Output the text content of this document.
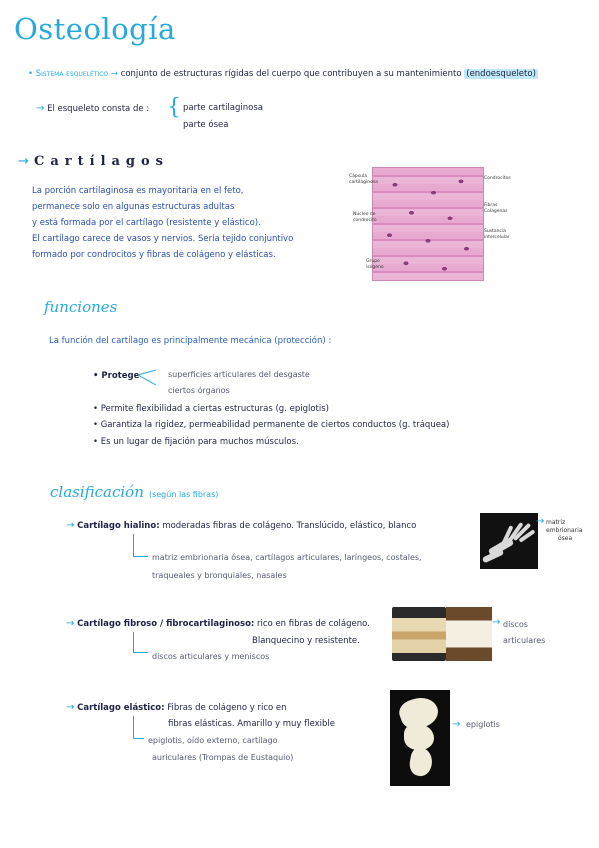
Osteología
• Sistema esquelético → conjunto de estructuras rígidas del cuerpo que contribuyen a su mantenimiento (endoesqueleto)
→ El esqueleto consta de : { parte cartilaginosa
parte ósea
→ Cartílagos
La porción cartilaginosa es mayoritaria en el feto,
permanece solo en algunas estructuras adultas
y está formada por el cartílago (resistente y elástico).
El cartílago carece de vasos y nervios. Sería tejido conjuntivo
formado por condrocitos y fibras de colágeno y elásticas.
Cápsula
cartilaginosa
Núcleo de
condrocito
Grupo
isógeno
Condrocitos
Fibras
Colágenas
Sustancia
intercelular
funciones
La función del cartílago es principalmente mecánica (protección) :
• Protege	superficies articulares del desgaste
ciertos órganos
• Permite flexibilidad a ciertas estructuras (g. epiglotis)
• Garantiza la rigidez, permeabilidad permanente de ciertos conductos (g. tráquea)
• Es un lugar de fijación para muchos músculos.
clasificación (según las fibras)
→ Cartílago hialino: moderadas fibras de colágeno. Translúcido, elástico, blanco
matriz embrionaria ósea, cartílagos articulares, laríngeos, costales,
traqueales y bronquiales, nasales
→ matriz
embrionaria
ósea
→ Cartílago fibroso / fibrocartilaginoso: rico en fibras de colágeno.
Blanquecino y resistente.
discos articulares y meniscos
→ discos
articulares
→ Cartílago elástico: Fibras de colágeno y rico en
fibras elásticas. Amarillo y muy flexible
epiglotis, oído externo, cartílago
auriculares (Trompas de Eustaquio)
→ epiglotis
